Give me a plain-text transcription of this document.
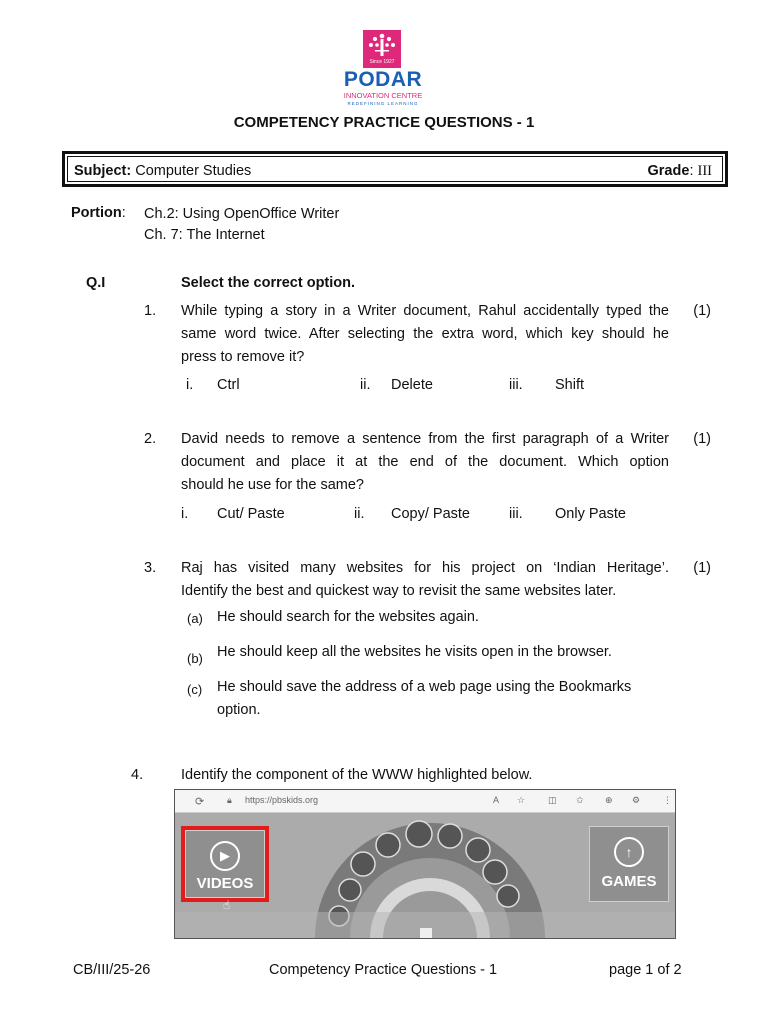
Since 1927
PODAR
INNOVATION CENTRE
REDEFINING LEARNING
COMPETENCY PRACTICE QUESTIONS - 1
Subject: Computer Studies	Grade: III
Portion: Ch.2: Using OpenOffice Writer
Ch. 7: The Internet
Q.I	Select the correct option.
1. While typing a story in a Writer document, Rahul accidentally typed the
same word twice. After selecting the extra word, which key should he
press to remove it?
(1)
i. Ctrl	ii. Delete	iii. Shift
2. David needs to remove a sentence from the first paragraph of a Writer
document and place it at the end of the document. Which option
should he use for the same?
(1)
i. Cut/ Paste	ii. Copy/ Paste	iii. Only Paste
3. Raj has visited many websites for his project on ‘Indian Heritage’.
Identify the best and quickest way to revisit the same websites later.
(1)
(a) He should search for the websites again.
(b) He should keep all the websites he visits open in the browser.
(c) He should save the address of a web page using the Bookmarks
option.
4.	Identify the component of the WWW highlighted below.
⟳	🔒︎ https://pbskids.org	A ☆	◫ ✩ ⊕ ⚙	⋮
▶
VIDEOS
☝
↑
GAMES
CB/III/25-26	Competency Practice Questions - 1	page 1 of 2
